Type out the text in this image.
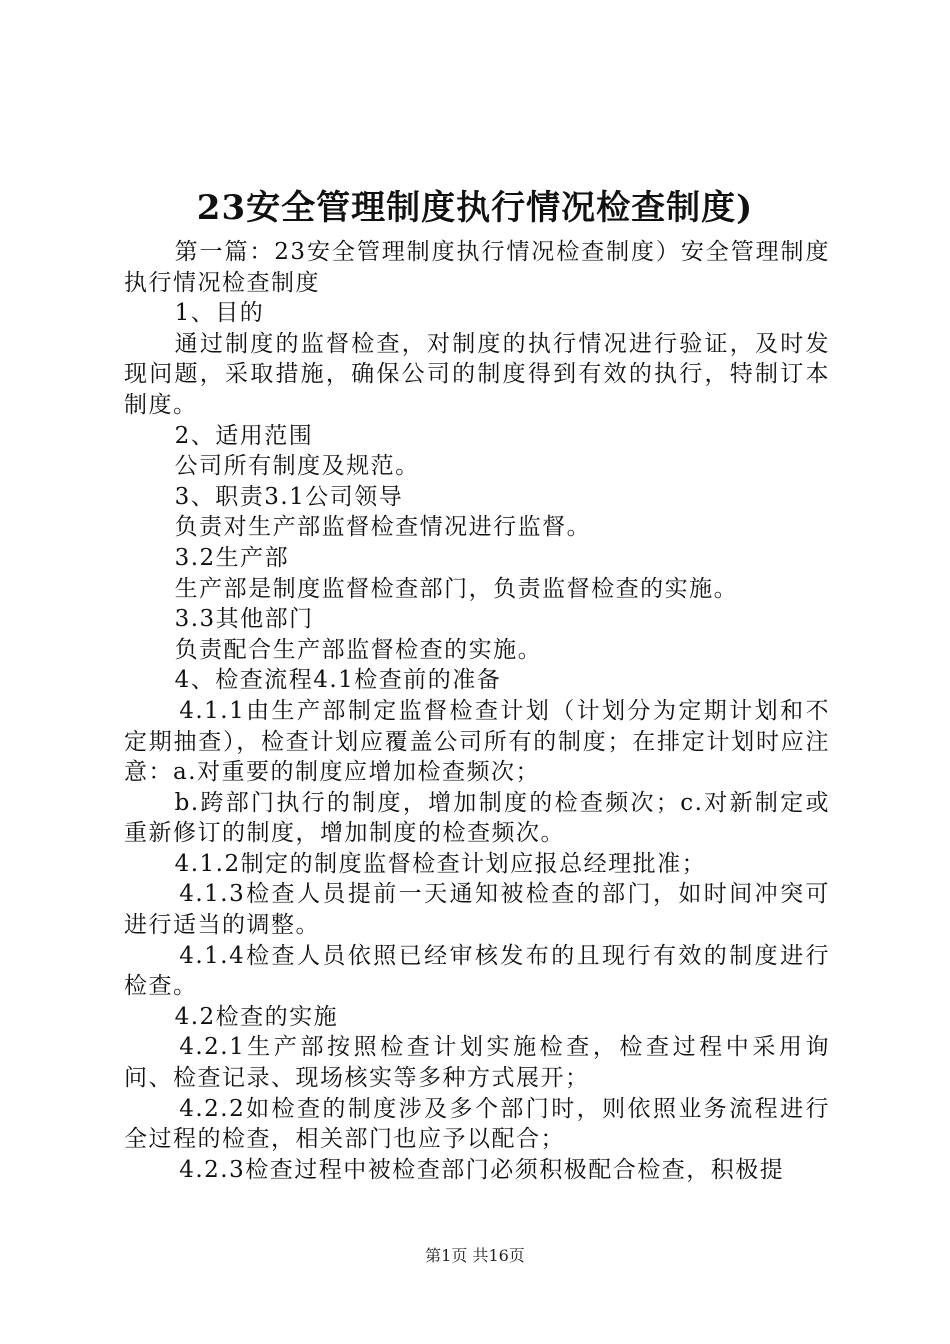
23安全管理制度执行情况检查制度)

第一篇：23安全管理制度执行情况检查制度）安全管理制度执行情况检查制度

1、目的

通过制度的监督检查，对制度的执行情况进行验证，及时发现问题，采取措施，确保公司的制度得到有效的执行，特制订本制度。

2、适用范围

公司所有制度及规范。

3、职责3.1公司领导

负责对生产部监督检查情况进行监督。

3.2生产部

生产部是制度监督检查部门，负责监督检查的实施。

3.3其他部门

负责配合生产部监督检查的实施。

4、检查流程4.1检查前的准备

4.1.1由生产部制定监督检查计划（计划分为定期计划和不定期抽查），检查计划应覆盖公司所有的制度；在排定计划时应注意：a.对重要的制度应增加检查频次；

b.跨部门执行的制度，增加制度的检查频次；c.对新制定或重新修订的制度，增加制度的检查频次。

4.1.2制定的制度监督检查计划应报总经理批准；

4.1.3检查人员提前一天通知被检查的部门，如时间冲突可进行适当的调整。

4.1.4检查人员依照已经审核发布的且现行有效的制度进行检查。

4.2检查的实施

4.2.1生产部按照检查计划实施检查，检查过程中采用询问、检查记录、现场核实等多种方式展开；

4.2.2如检查的制度涉及多个部门时，则依照业务流程进行全过程的检查，相关部门也应予以配合；

4.2.3检查过程中被检查部门必须积极配合检查，积极提

第1页 共16页
